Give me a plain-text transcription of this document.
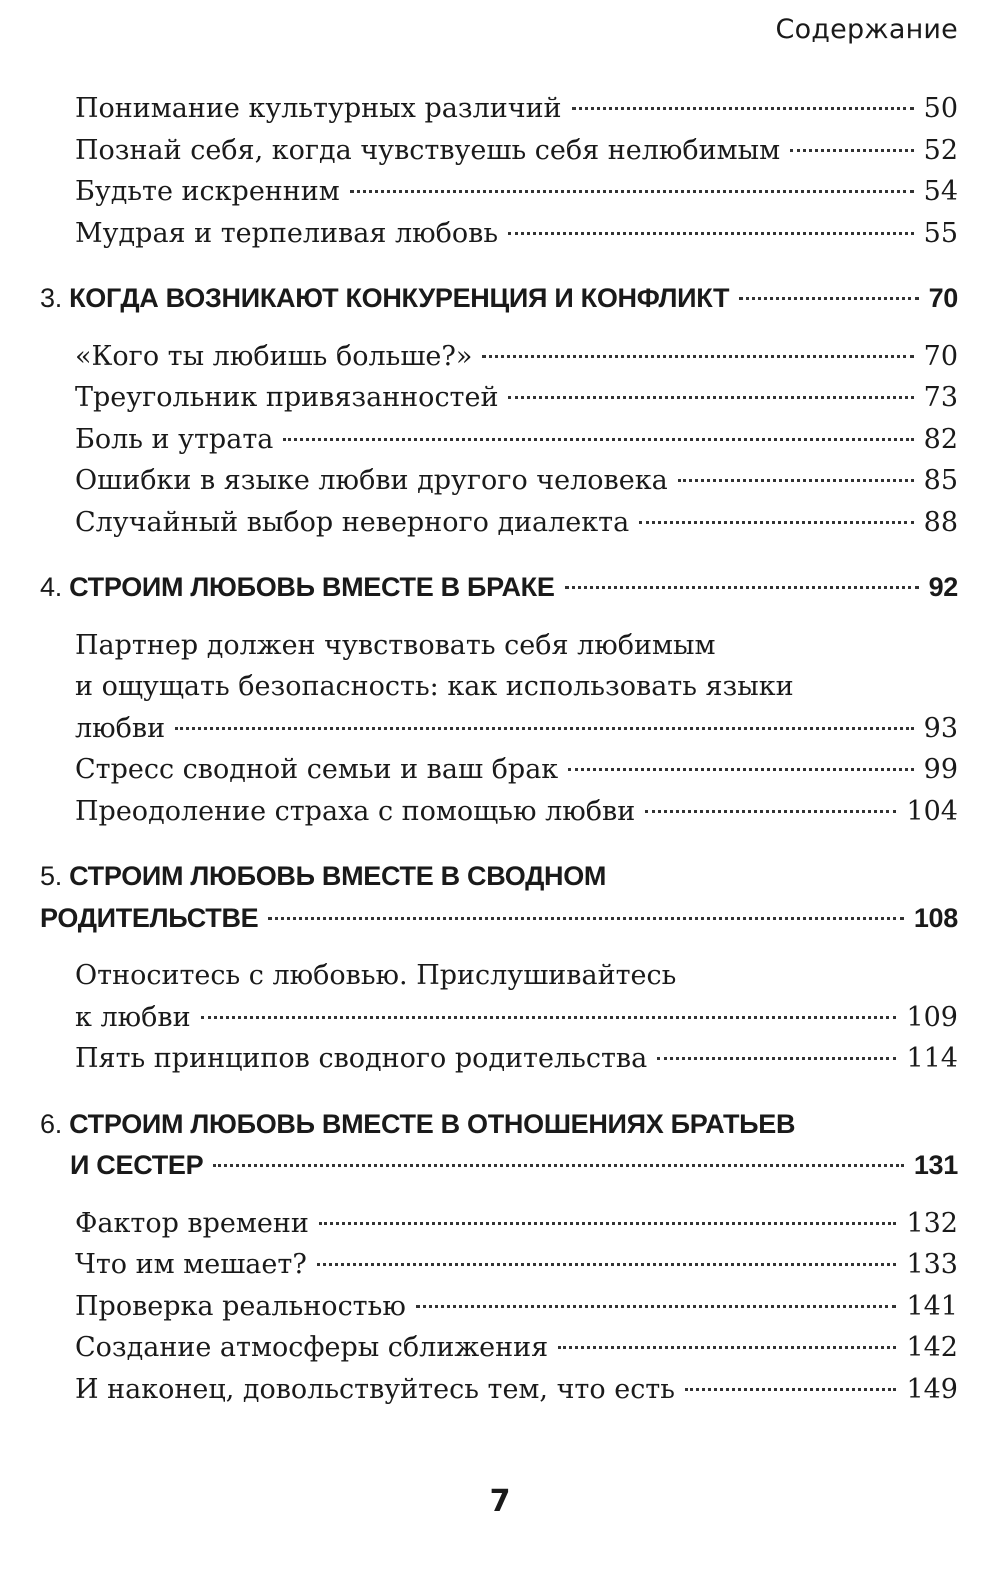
Содержание
Понимание культурных различий	50
Познай себя, когда чувствуешь себя нелюбимым	52
Будьте искренним	54
Мудрая и терпеливая любовь	55
3. КОГДА ВОЗНИКАЮТ КОНКУРЕНЦИЯ И КОНФЛИКТ	70
«Кого ты любишь больше?»	70
Треугольник привязанностей	73
Боль и утрата	82
Ошибки в языке любви другого человека	85
Случайный выбор неверного диалекта	88
4. СТРОИМ ЛЮБОВЬ ВМЕСТЕ В БРАКЕ	92
Партнер должен чувствовать себя любимым
и ощущать безопасность: как использовать языки
любви	93
Стресс сводной семьи и ваш брак	99
Преодоление страха с помощью любви	104
5. СТРОИМ ЛЮБОВЬ ВМЕСТЕ В СВОДНОМ
РОДИТЕЛЬСТВЕ	108
Относитесь с любовью. Прислушивайтесь
к любви	109
Пять принципов сводного родительства	114
6. СТРОИМ ЛЮБОВЬ ВМЕСТЕ В ОТНОШЕНИЯХ БРАТЬЕВ
И СЕСТЕР	131
Фактор времени	132
Что им мешает?	133
Проверка реальностью	141
Создание атмосферы сближения	142
И наконец, довольствуйтесь тем, что есть	149
7
